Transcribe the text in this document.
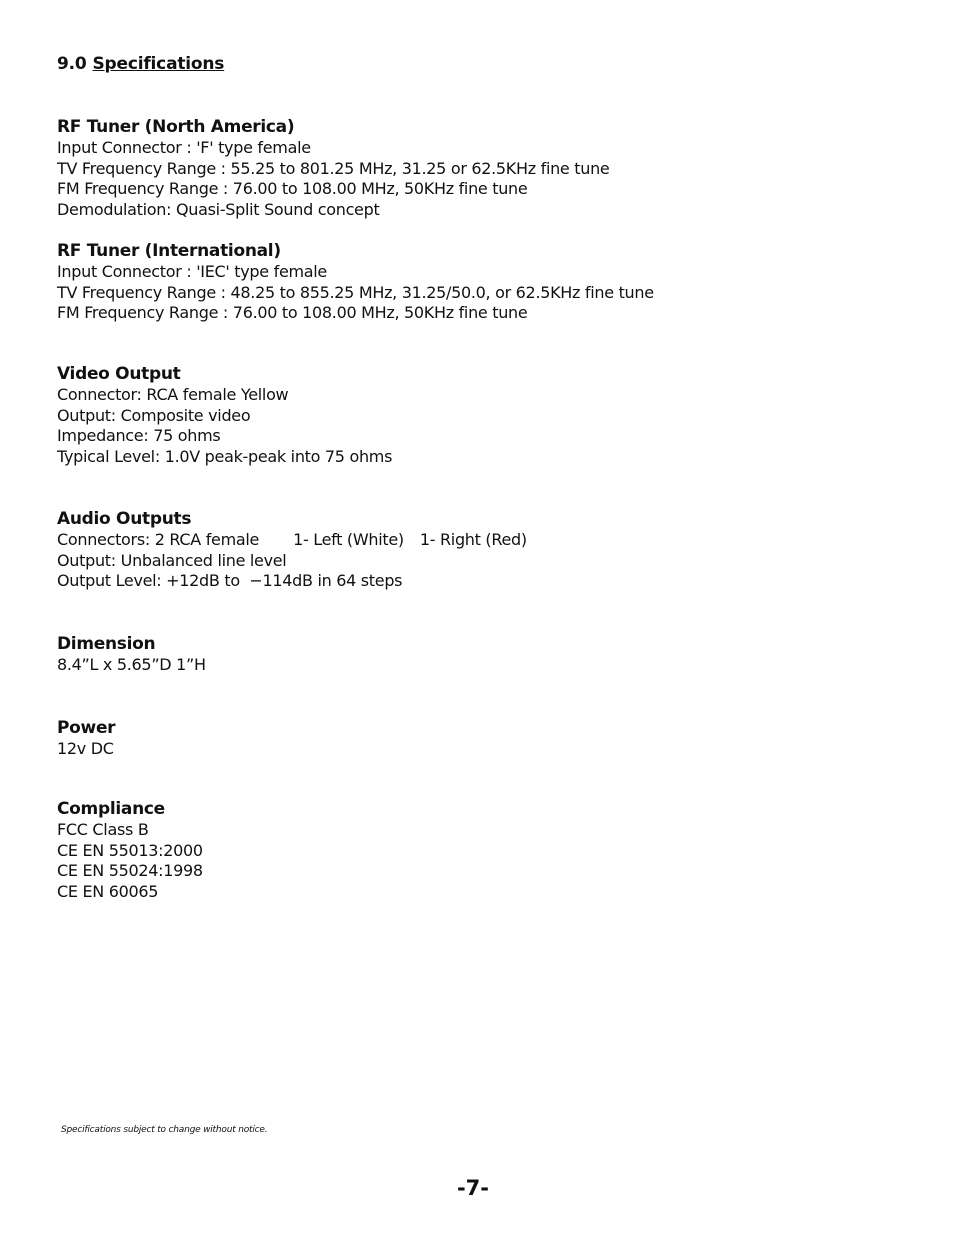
9.0 Specifications
RF Tuner (North America)
Input Connector : 'F' type female
TV Frequency Range : 55.25 to 801.25 MHz, 31.25 or 62.5KHz fine tune
FM Frequency Range : 76.00 to 108.00 MHz, 50KHz fine tune
Demodulation: Quasi-Split Sound concept
RF Tuner (International)
Input Connector : 'IEC' type female
TV Frequency Range : 48.25 to 855.25 MHz, 31.25/50.0, or 62.5KHz fine tune
FM Frequency Range : 76.00 to 108.00 MHz, 50KHz fine tune
Video Output
Connector: RCA female Yellow
Output: Composite video
Impedance: 75 ohms
Typical Level: 1.0V peak-peak into 75 ohms
Audio Outputs
Connectors: 2 RCA female 1- Left (White) 1- Right (Red)
Output: Unbalanced line level
Output Level: +12dB to  −114dB in 64 steps
Dimension
8.4”L x 5.65”D 1”H
Power
12v DC
Compliance
FCC Class B
CE EN 55013:2000
CE EN 55024:1998
CE EN 60065
Specifications subject to change without notice.
-7-
